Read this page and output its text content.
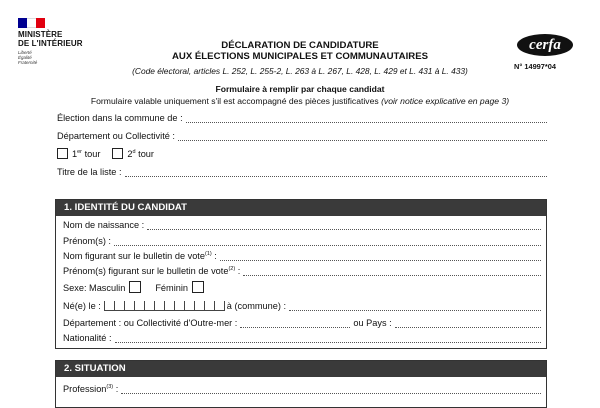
MINISTÈRE
DE L'INTÉRIEUR
Liberté
Égalité
Fraternité
DÉCLARATION DE CANDIDATURE
AUX ÉLECTIONS MUNICIPALES ET COMMUNAUTAIRES
(Code électoral, articles L. 252, L. 255-2, L. 263 à L. 267, L. 428, L. 429 et L. 431 à L. 433)
cerfa
N° 14997*04
Formulaire à remplir par chaque candidat
Formulaire valable uniquement s'il est accompagné des pièces justificatives (voir notice explicative en page 3)
Élection dans la commune de :
Département ou Collectivité :
1er tour	2$^d$ tour
Titre de la liste :
1. IDENTITÉ DU CANDIDAT
Nom de naissance :
Prénom(s) :
Nom figurant sur le bulletin de vote$^{(1)}$ :
Prénom(s) figurant sur le bulletin de vote$^{(2)}$ :
Sexe: Masculin	Féminin
Né(e) le :	à (commune) :
Département : ou Collectivité d'Outre-mer :	ou Pays :
Nationalité :
2. SITUATION
Profession$^{(3)}$ :
